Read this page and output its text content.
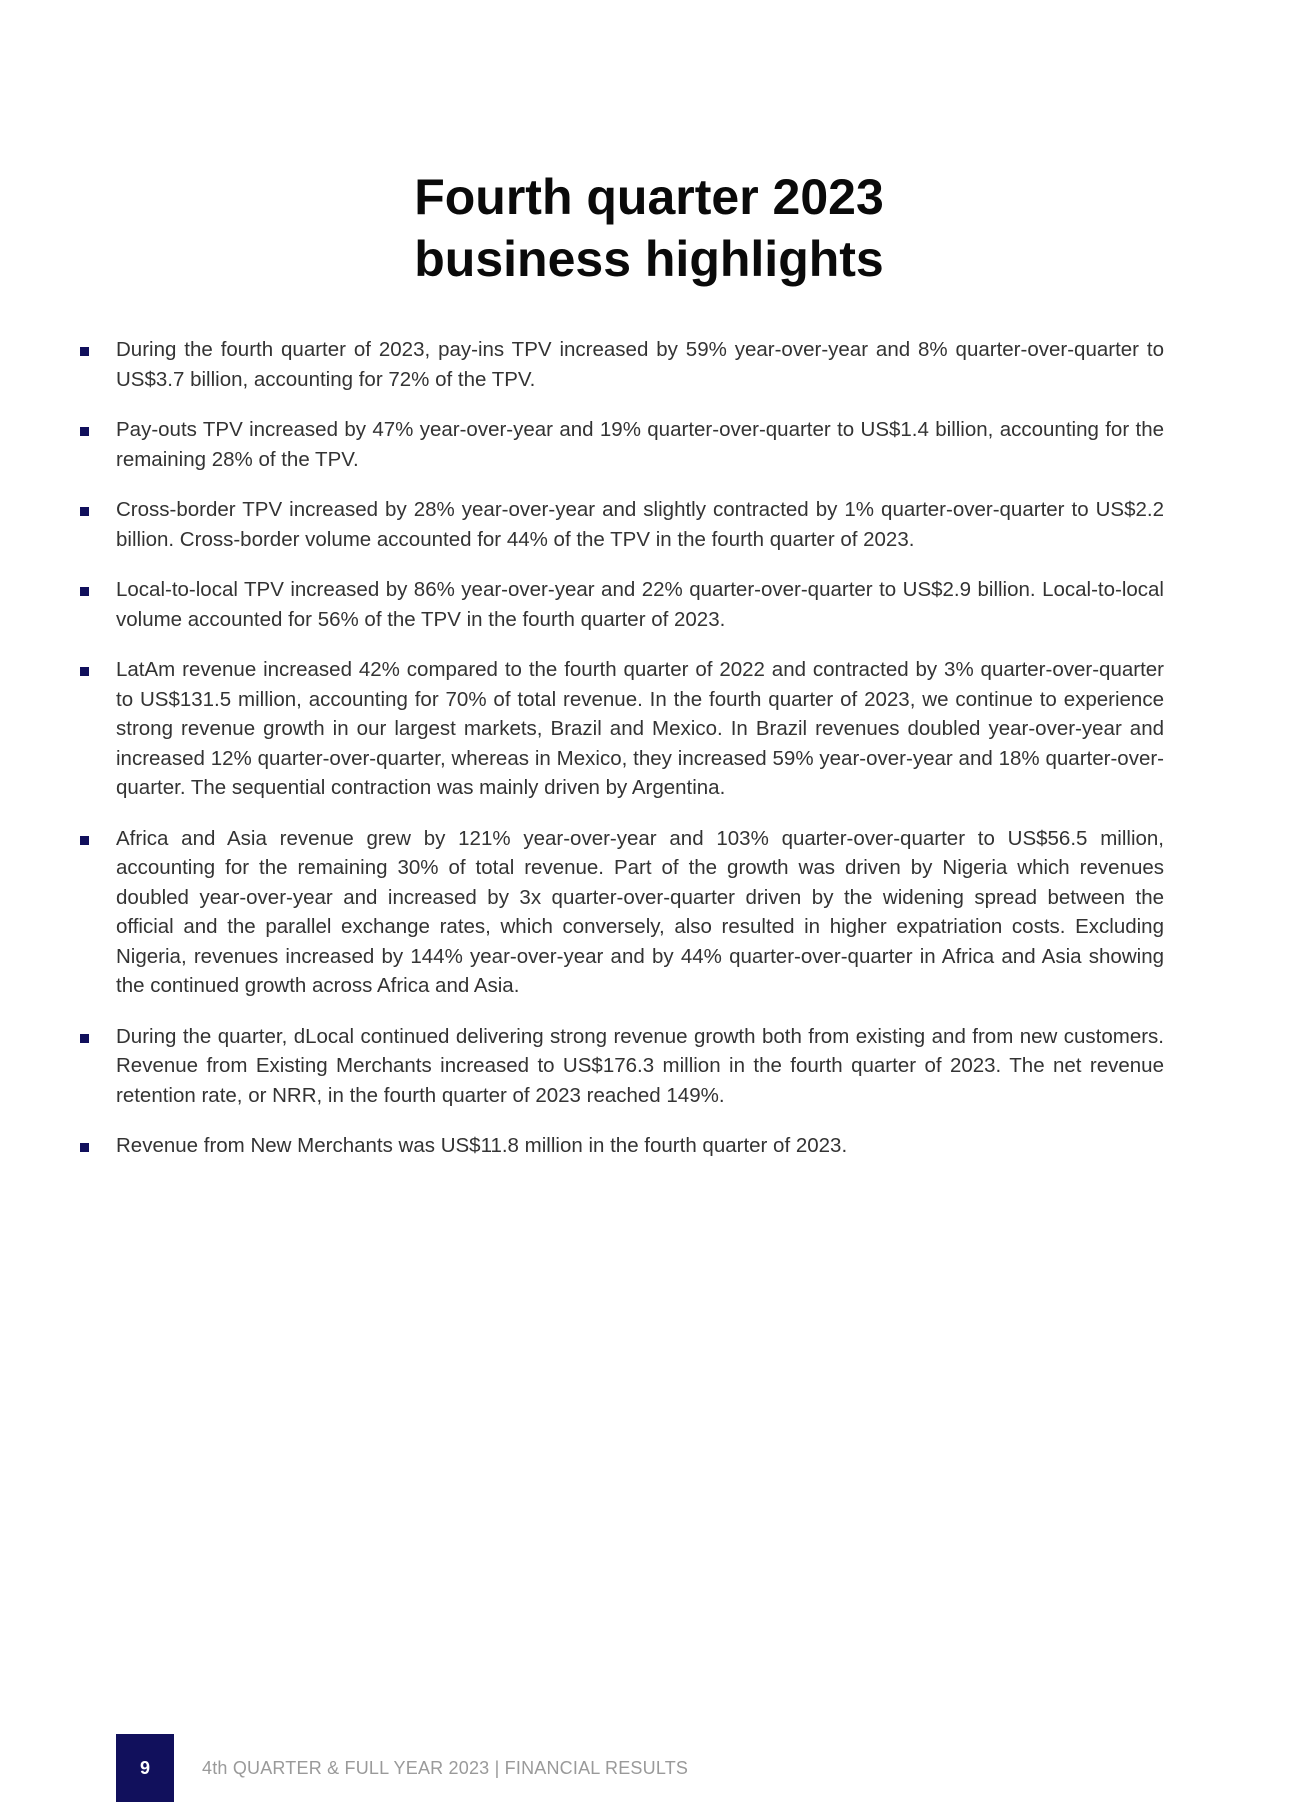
Fourth quarter 2023
business highlights
During the fourth quarter of 2023, pay-ins TPV increased by 59% year-over-year and 8% quarter-over-quarter to US$3.7 billion, accounting for 72% of the TPV.
Pay-outs TPV increased by 47% year-over-year and 19% quarter-over-quarter to US$1.4 billion, accounting for the remaining 28% of the TPV.
Cross-border TPV increased by 28% year-over-year and slightly contracted by 1% quarter-over-quarter to US$2.2 billion. Cross-border volume accounted for 44% of the TPV in the fourth quarter of 2023.
Local-to-local TPV increased by 86% year-over-year and 22% quarter-over-quarter to US$2.9 billion. Local-to-local volume accounted for 56% of the TPV in the fourth quarter of 2023.
LatAm revenue increased 42% compared to the fourth quarter of 2022 and contracted by 3% quarter-over-quarter to US$131.5 million, accounting for 70% of total revenue. In the fourth quarter of 2023, we continue to experience strong revenue growth in our largest markets, Brazil and Mexico. In Brazil revenues doubled year-over-year and increased 12% quarter-over-quarter, whereas in Mexico, they increased 59% year-over-year and 18% quarter-over-quarter. The sequential contraction was mainly driven by Argentina.
Africa and Asia revenue grew by 121% year-over-year and 103% quarter-over-quarter to US$56.5 million, accounting for the remaining 30% of total revenue. Part of the growth was driven by Nigeria which revenues doubled year-over-year and increased by 3x quarter-over-quarter driven by the widening spread between the official and the parallel exchange rates, which conversely, also resulted in higher expatriation costs. Excluding Nigeria, revenues increased by 144% year-over-year and by 44% quarter-over-quarter in Africa and Asia showing the continued growth across Africa and Asia.
During the quarter, dLocal continued delivering strong revenue growth both from existing and from new customers. Revenue from Existing Merchants increased to US$176.3 million in the fourth quarter of 2023. The net revenue retention rate, or NRR, in the fourth quarter of 2023 reached 149%.
Revenue from New Merchants was US$11.8 million in the fourth quarter of 2023.
9	4th QUARTER & FULL YEAR 2023 | FINANCIAL RESULTS
